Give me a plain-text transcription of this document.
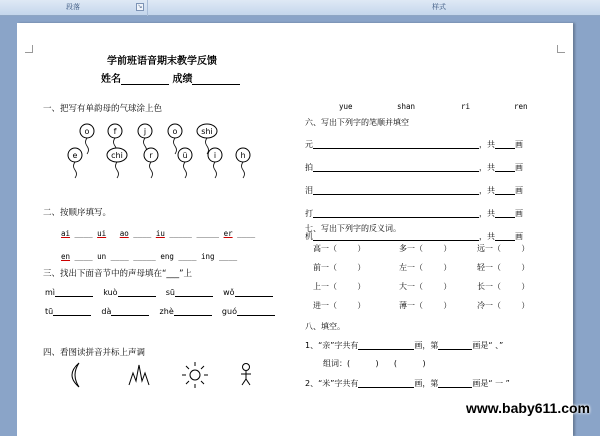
段落	↘	样式
学前班语音期末教学反馈
姓名	成绩
一、把写有单韵母的气球涂上色
o	f	j	o	shi
e	chi	r	ü	i	h
二、按顺序填写。
ai ____ ui ao ____ iu _____ _____ er ____
en ____ un ____ _____ eng ____ ing ____
三、找出下面音节中的声母填在“___”上
mì	kuò	sū	wǒ
tū	dà	zhè	guó
四、看图读拼音并标上声调
yue	shan	ri	ren
六、写出下列字的笔顺并填空
元	，共	画
拍	，共	画
泪	，共	画
打	，共	画
机	，共	画
七、写出下列字的反义词。
高一（        ）	多一（        ）	远一（        ）
前一（        ）	左一（        ）	轻一（        ）
上一（        ）	大一（        ）	长一（        ）
进一（        ）	薄一（        ）	冷一（        ）
八、填空。
1、“亲”字共有	画，第	画是“ 、”
组词：(          )      (          )
2、“米”字共有	画，第	画是“ 一 ”
www.baby611.com
